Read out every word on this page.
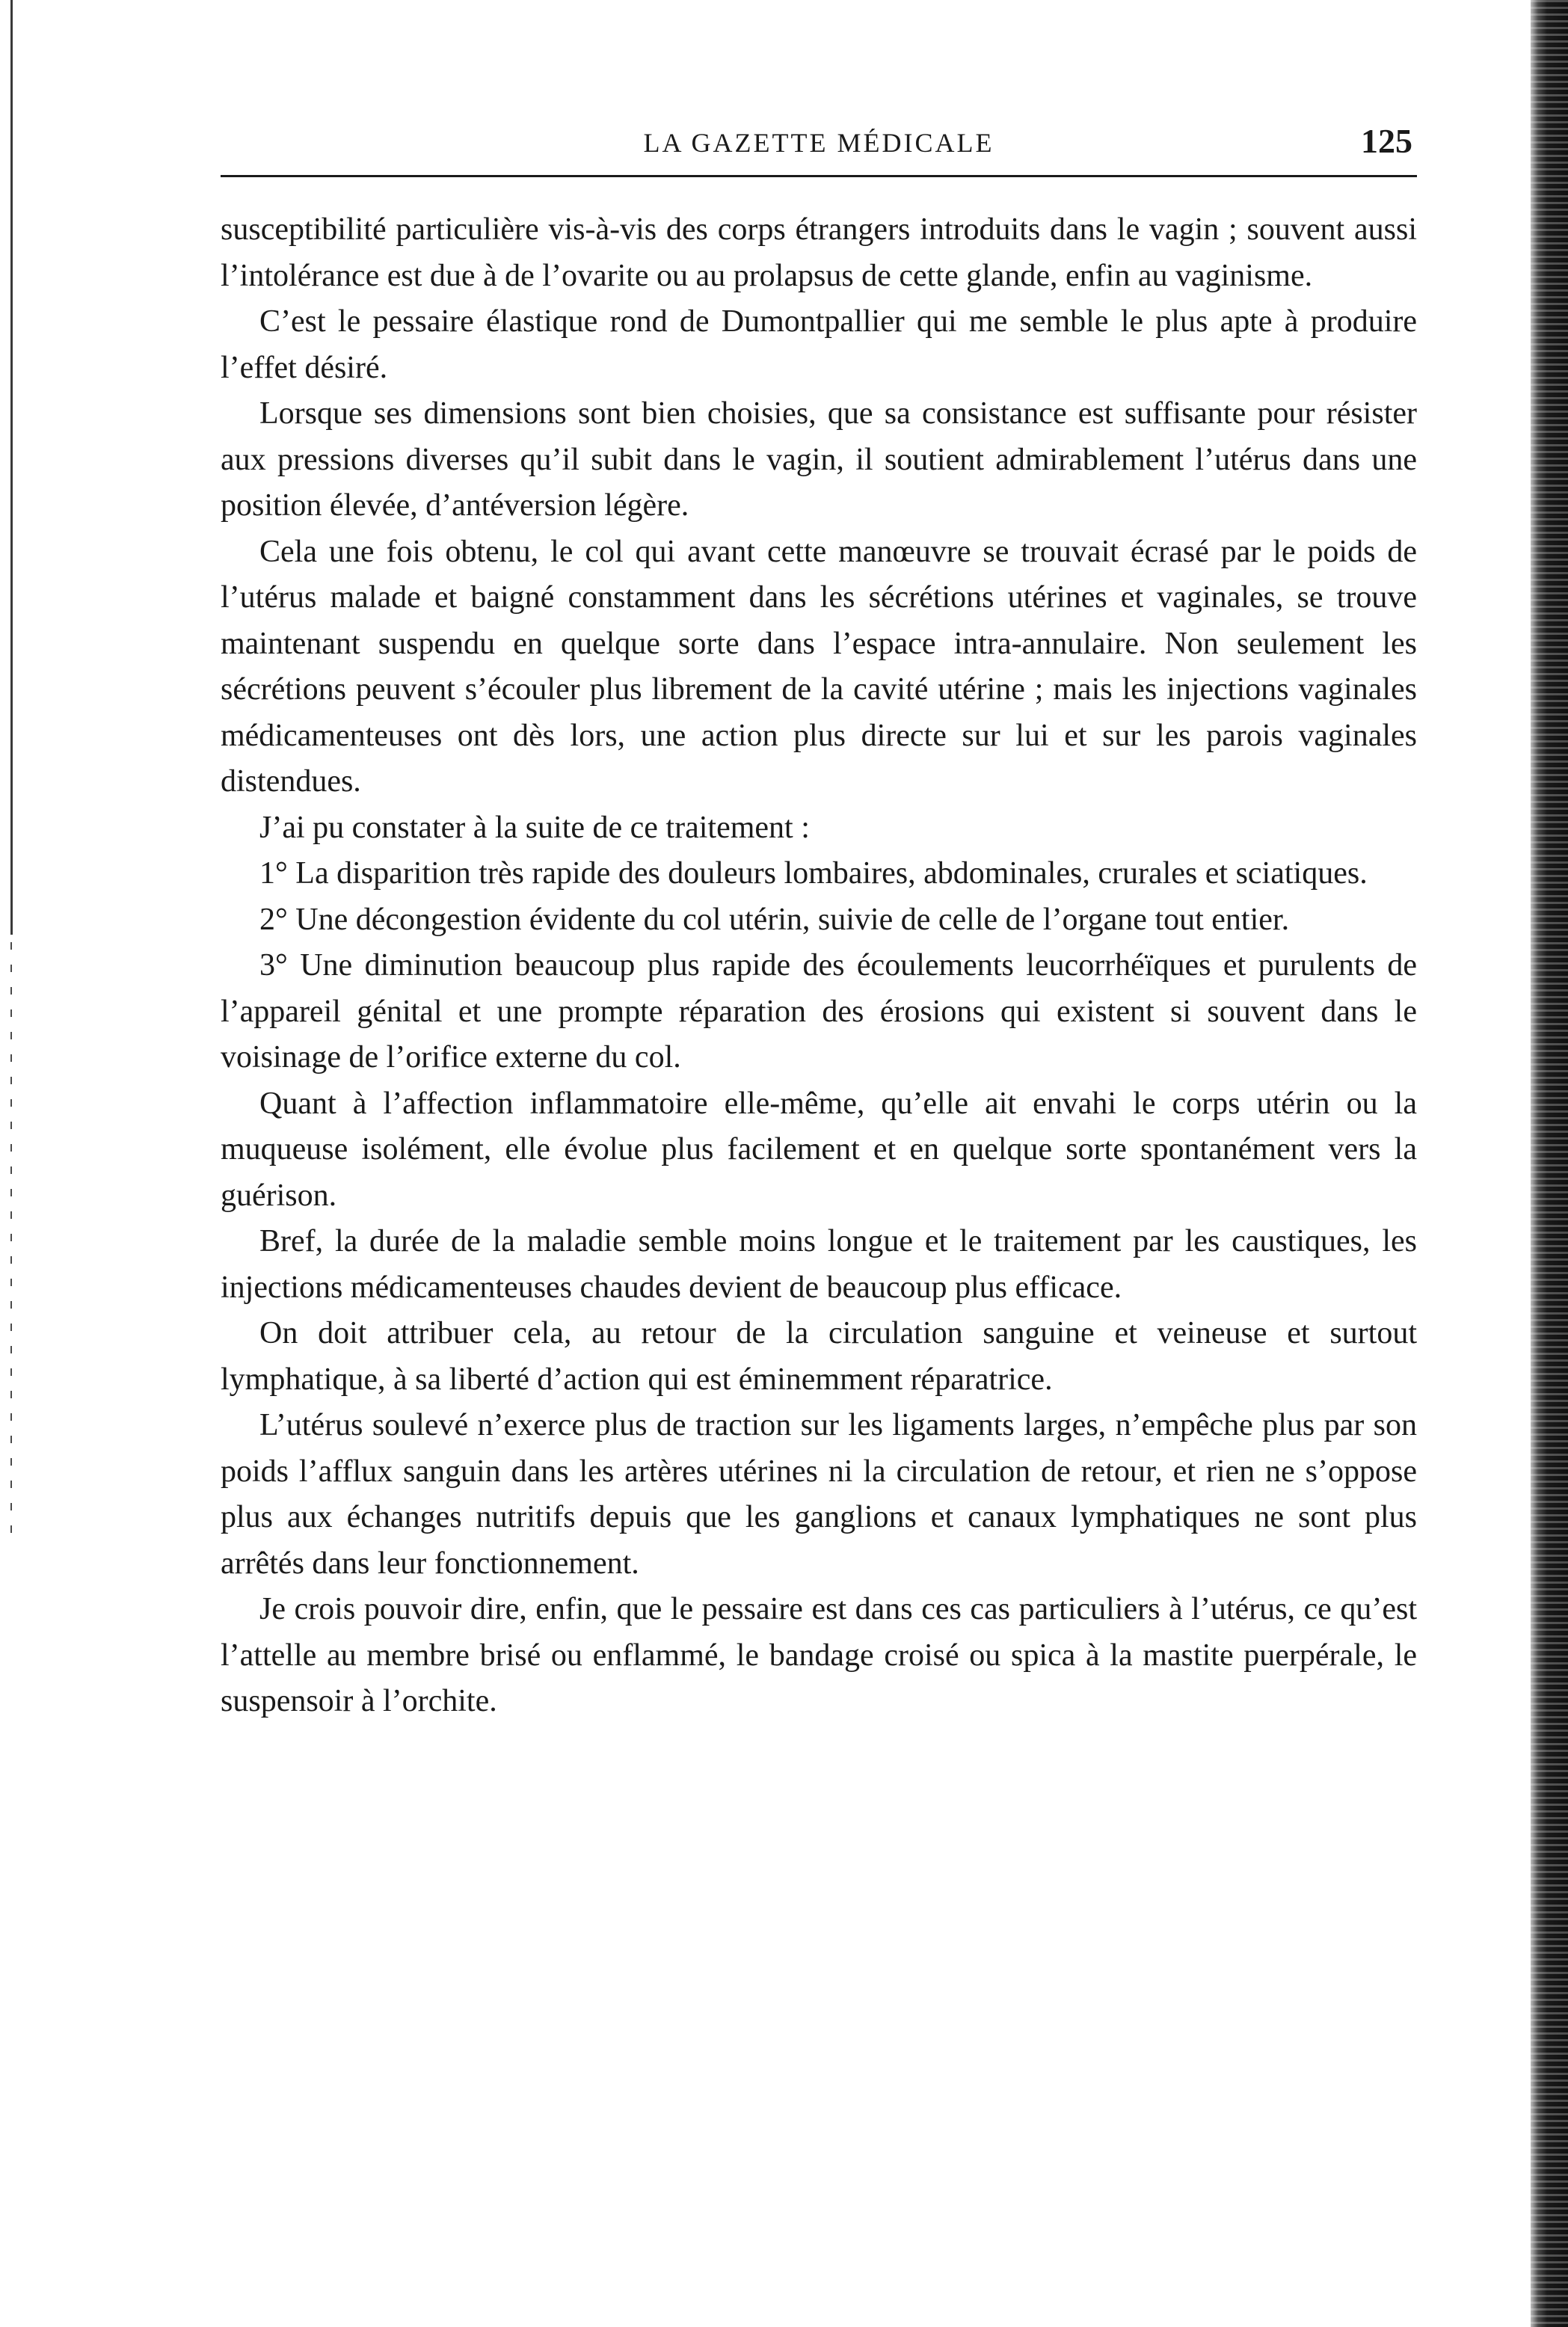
LA GAZETTE MÉDICALE	125

susceptibilité particulière vis-à-vis des corps étrangers introduits dans le vagin ; souvent aussi l’intolérance est due à de l’ovarite ou au prolapsus de cette glande, enfin au vaginisme.

C’est le pessaire élastique rond de Dumontpallier qui me semble le plus apte à produire l’effet désiré.

Lorsque ses dimensions sont bien choisies, que sa consistance est suffisante pour résister aux pressions diverses qu’il subit dans le vagin, il soutient admirablement l’utérus dans une position élevée, d’antéversion légère.

Cela une fois obtenu, le col qui avant cette manœuvre se trouvait écrasé par le poids de l’utérus malade et baigné constamment dans les sécrétions utérines et vaginales, se trouve maintenant suspendu en quelque sorte dans l’espace intra-annulaire. Non seulement les sécrétions peuvent s’écouler plus librement de la cavité utérine ; mais les injections vaginales médicamenteuses ont dès lors, une action plus directe sur lui et sur les parois vaginales distendues.

J’ai pu constater à la suite de ce traitement :

1° La disparition très rapide des douleurs lombaires, abdominales, crurales et sciatiques.

2° Une décongestion évidente du col utérin, suivie de celle de l’organe tout entier.

3° Une diminution beaucoup plus rapide des écoulements leucorrhéïques et purulents de l’appareil génital et une prompte réparation des érosions qui existent si souvent dans le voisinage de l’orifice externe du col.

Quant à l’affection inflammatoire elle-même, qu’elle ait envahi le corps utérin ou la muqueuse isolément, elle évolue plus facilement et en quelque sorte spontanément vers la guérison.

Bref, la durée de la maladie semble moins longue et le traitement par les caustiques, les injections médicamenteuses chaudes devient de beaucoup plus efficace.

On doit attribuer cela, au retour de la circulation sanguine et veineuse et surtout lymphatique, à sa liberté d’action qui est éminemment réparatrice.

L’utérus soulevé n’exerce plus de traction sur les ligaments larges, n’empêche plus par son poids l’afflux sanguin dans les artères utérines ni la circulation de retour, et rien ne s’oppose plus aux échanges nutritifs depuis que les ganglions et canaux lymphatiques ne sont plus arrêtés dans leur fonctionnement.

Je crois pouvoir dire, enfin, que le pessaire est dans ces cas particuliers à l’utérus, ce qu’est l’attelle au membre brisé ou enflammé, le bandage croisé ou spica à la mastite puerpérale, le suspensoir à l’orchite.
